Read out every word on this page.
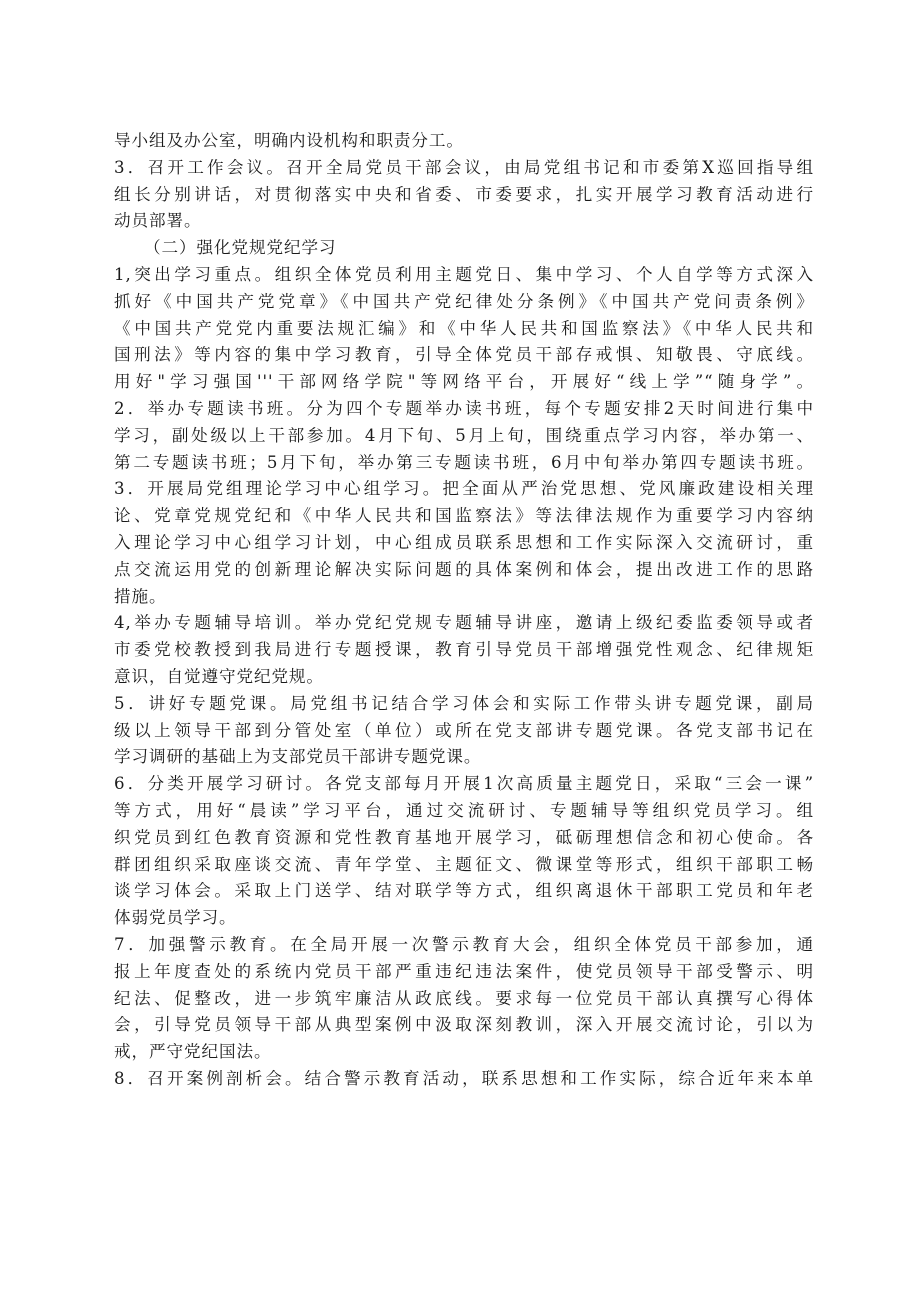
导小组及办公室，明确内设机构和职责分工。
3．召开工作会议。召开全局党员干部会议，由局党组书记和市委第X巡回指导组
组长分别讲话，对贯彻落实中央和省委、市委要求，扎实开展学习教育活动进行
动员部署。
（二）强化党规党纪学习
1,突出学习重点。组织全体党员利用主题党日、集中学习、个人自学等方式深入
抓好《中国共产党党章》《中国共产党纪律处分条例》《中国共产党问责条例》
《中国共产党党内重要法规汇编》和《中华人民共和国监察法》《中华人民共和
国刑法》等内容的集中学习教育，引导全体党员干部存戒惧、知敬畏、守底线。
用好"学习强国'''干部网络学院"等网络平台，开展好“线上学”“随身学”。
2．举办专题读书班。分为四个专题举办读书班，每个专题安排2天时间进行集中
学习，副处级以上干部参加。4月下旬、5月上旬，围绕重点学习内容，举办第一、
第二专题读书班；5月下旬，举办第三专题读书班，6月中旬举办第四专题读书班。
3．开展局党组理论学习中心组学习。把全面从严治党思想、党风廉政建设相关理
论、党章党规党纪和《中华人民共和国监察法》等法律法规作为重要学习内容纳
入理论学习中心组学习计划，中心组成员联系思想和工作实际深入交流研讨，重
点交流运用党的创新理论解决实际问题的具体案例和体会，提出改进工作的思路
措施。
4,举办专题辅导培训。举办党纪党规专题辅导讲座，邀请上级纪委监委领导或者
市委党校教授到我局进行专题授课，教育引导党员干部增强党性观念、纪律规矩
意识，自觉遵守党纪党规。
5．讲好专题党课。局党组书记结合学习体会和实际工作带头讲专题党课，副局
级以上领导干部到分管处室（单位）或所在党支部讲专题党课。各党支部书记在
学习调研的基础上为支部党员干部讲专题党课。
6．分类开展学习研讨。各党支部每月开展1次高质量主题党日，采取“三会一课”
等方式，用好“晨读”学习平台，通过交流研讨、专题辅导等组织党员学习。组
织党员到红色教育资源和党性教育基地开展学习，砥砺理想信念和初心使命。各
群团组织采取座谈交流、青年学堂、主题征文、微课堂等形式，组织干部职工畅
谈学习体会。采取上门送学、结对联学等方式，组织离退休干部职工党员和年老
体弱党员学习。
7．加强警示教育。在全局开展一次警示教育大会，组织全体党员干部参加，通
报上年度查处的系统内党员干部严重违纪违法案件，使党员领导干部受警示、明
纪法、促整改，进一步筑牢廉洁从政底线。要求每一位党员干部认真撰写心得体
会，引导党员领导干部从典型案例中汲取深刻教训，深入开展交流讨论，引以为
戒，严守党纪国法。
8．召开案例剖析会。结合警示教育活动，联系思想和工作实际，综合近年来本单
